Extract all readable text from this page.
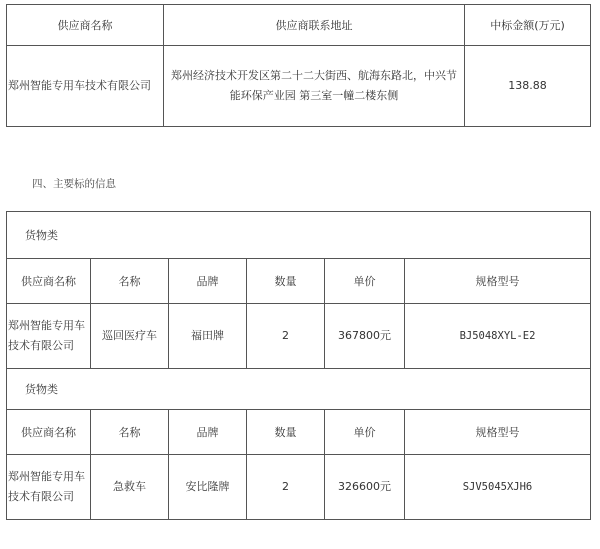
供应商名称	供应商联系地址	中标金额(万元)
郑州智能专用车技术有限公司	郑州经济技术开发区第二十二大街西、航海东路北，中兴节能环保产业园 第三室一幢二楼东侧	138.88
四、主要标的信息
货物类					
供应商名称	名称	品牌	数量	单价	规格型号
郑州智能专用车技术有限公司	巡回医疗车	福田牌	2	367800元	BJ5048XYL-E2
货物类					
供应商名称	名称	品牌	数量	单价	规格型号
郑州智能专用车技术有限公司	急救车	安比隆牌	2	326600元	SJV5045XJH6
